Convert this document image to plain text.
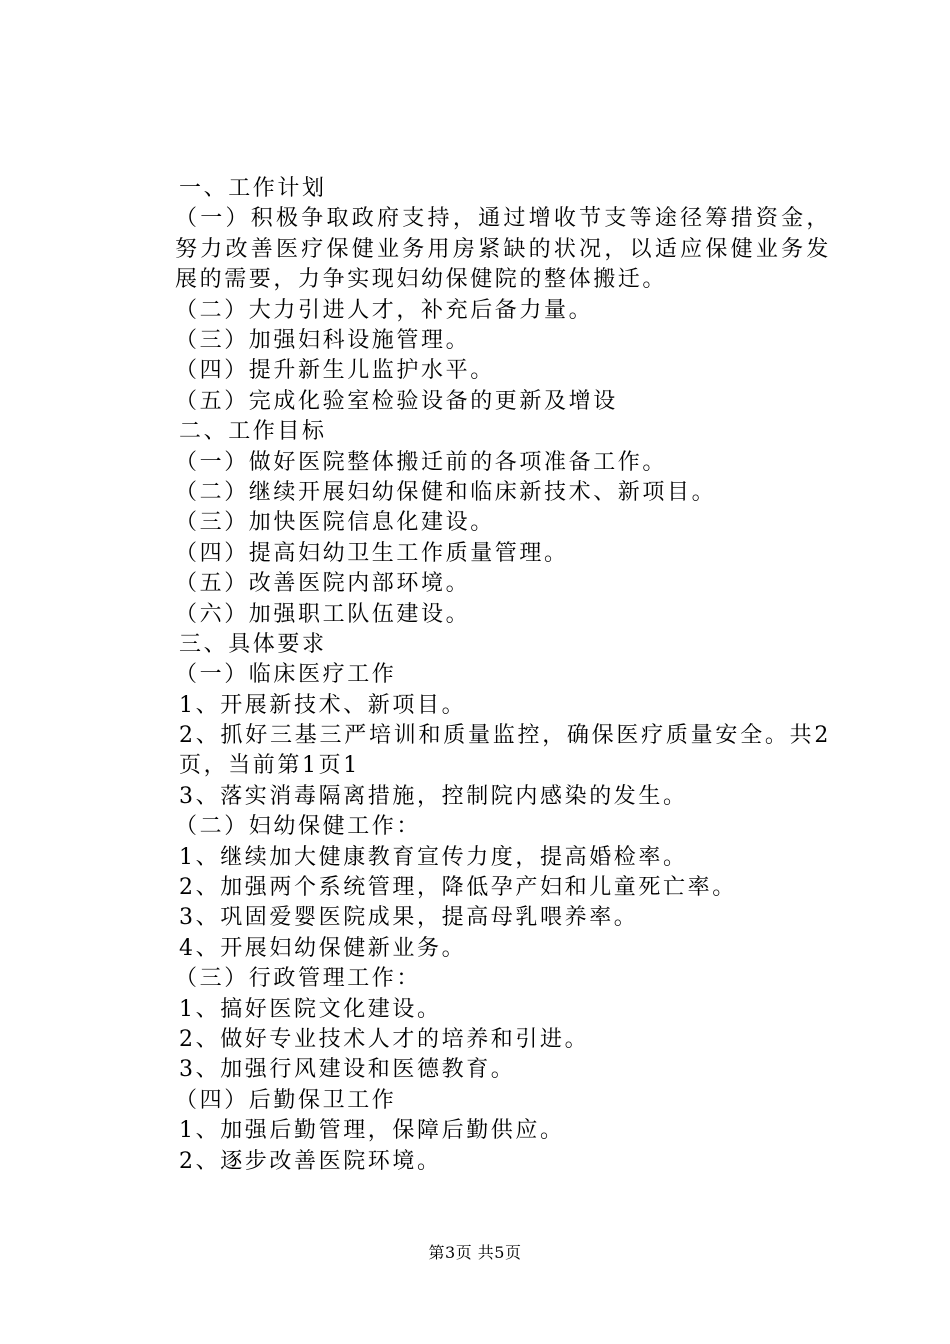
一、工作计划
（一）积极争取政府支持，通过增收节支等途径筹措资金，努力改善医疗保健业务用房紧缺的状况，以适应保健业务发展的需要，力争实现妇幼保健院的整体搬迁。
（二）大力引进人才，补充后备力量。
（三）加强妇科设施管理。
（四）提升新生儿监护水平。
（五）完成化验室检验设备的更新及增设
二、工作目标
（一）做好医院整体搬迁前的各项准备工作。
（二）继续开展妇幼保健和临床新技术、新项目。
（三）加快医院信息化建设。
（四）提高妇幼卫生工作质量管理。
（五）改善医院内部环境。
（六）加强职工队伍建设。
三、具体要求
（一）临床医疗工作
1、开展新技术、新项目。
2、抓好三基三严培训和质量监控，确保医疗质量安全。共2页，当前第1页1
3、落实消毒隔离措施，控制院内感染的发生。
（二）妇幼保健工作：
1、继续加大健康教育宣传力度，提高婚检率。
2、加强两个系统管理，降低孕产妇和儿童死亡率。
3、巩固爱婴医院成果，提高母乳喂养率。
4、开展妇幼保健新业务。
（三）行政管理工作：
1、搞好医院文化建设。
2、做好专业技术人才的培养和引进。
3、加强行风建设和医德教育。
（四）后勤保卫工作
1、加强后勤管理，保障后勤供应。
2、逐步改善医院环境。
第3页 共5页
